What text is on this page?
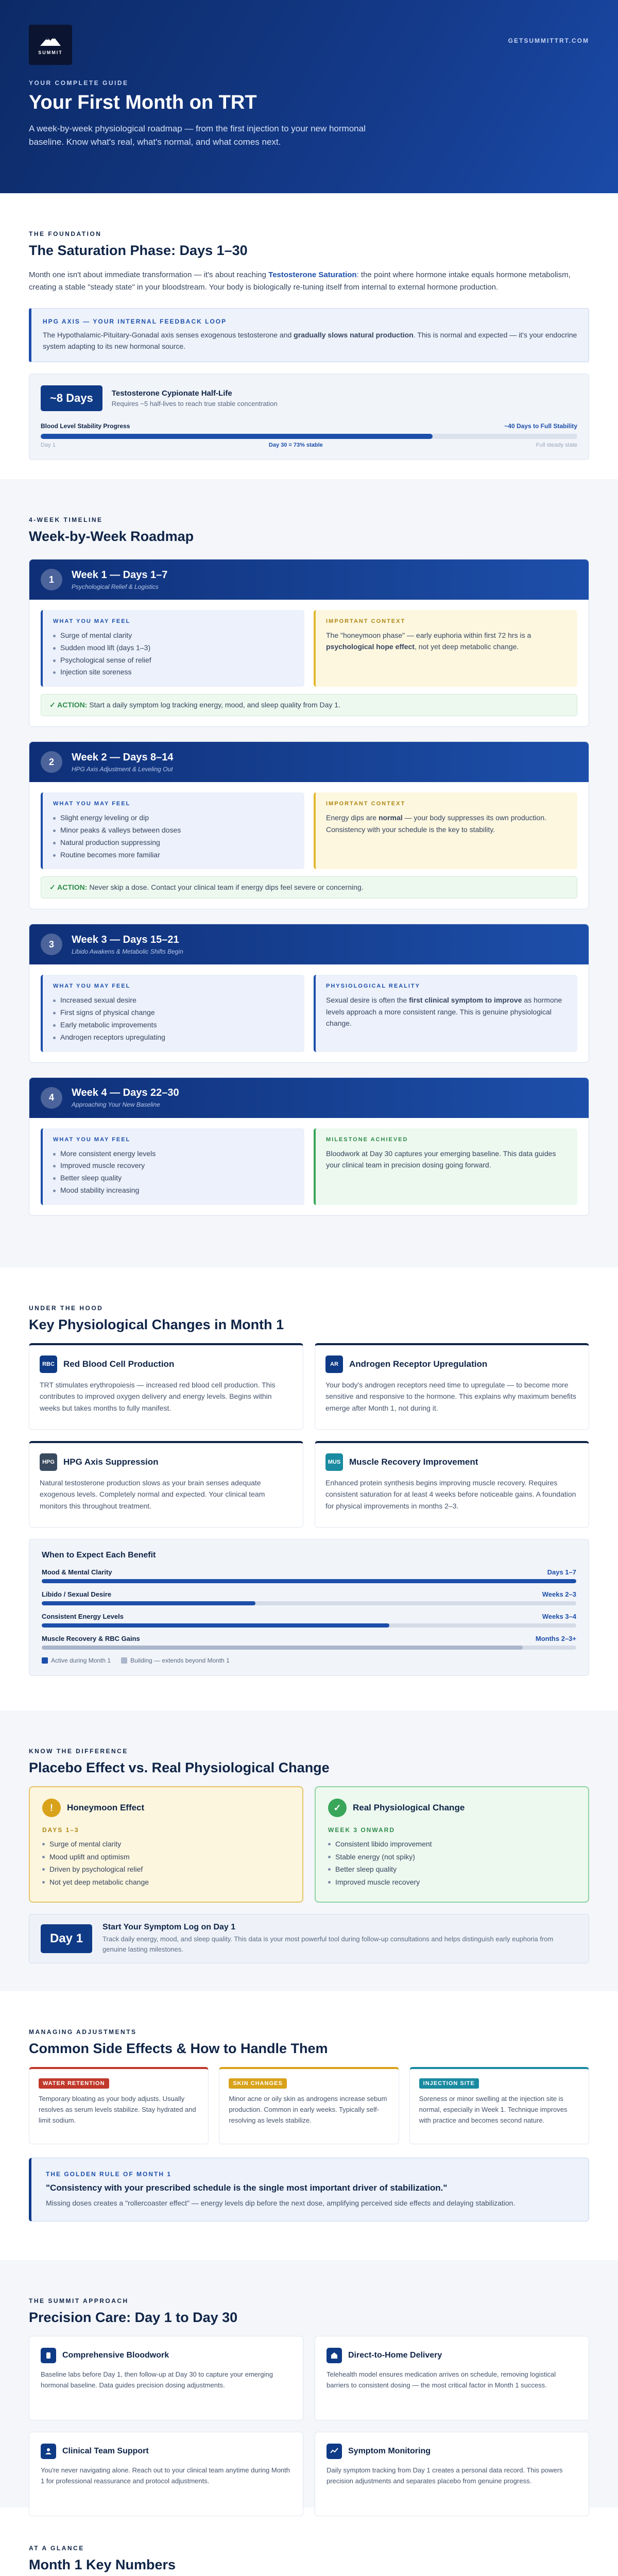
SUMMIT
GETSUMMITTRT.COM
YOUR COMPLETE GUIDE
Your First Month on TRT

A week-by-week physiological roadmap — from the first injection to your new hormonal baseline. Know what's real, what's normal, and what comes next.

THE FOUNDATION
The Saturation Phase: Days 1–30

Month one isn't about immediate transformation — it's about reaching Testosterone Saturation: the point where hormone intake equals hormone metabolism, creating a stable "steady state" in your bloodstream. Your body is biologically re-tuning itself from internal to external hormone production.

HPG AXIS — YOUR INTERNAL FEEDBACK LOOP

The Hypothalamic-Pituitary-Gonadal axis senses exogenous testosterone and gradually slows natural production. This is normal and expected — it's your endocrine system adapting to its new hormonal source.

~8 Days	Testosterone Cypionate Half-Life
Requires ~5 half-lives to reach true stable concentration
Blood Level Stability Progress	~40 Days to Full Stability
Day 1	Day 30 = 73% stable	Full steady state
4-WEEK TIMELINE
Week-by-Week Roadmap
1	Week 1 — Days 1–7
Psychological Relief & Logistics
WHAT YOU MAY FEEL
Surge of mental clarity
Sudden mood lift (days 1–3)
Psychological sense of relief
Injection site soreness
IMPORTANT CONTEXT

The "honeymoon phase" — early euphoria within first 72 hrs is a psychological hope effect, not yet deep metabolic change.

✓ ACTION: Start a daily symptom log tracking energy, mood, and sleep quality from Day 1.
2	Week 2 — Days 8–14
HPG Axis Adjustment & Leveling Out
WHAT YOU MAY FEEL
Slight energy leveling or dip
Minor peaks & valleys between doses
Natural production suppressing
Routine becomes more familiar
IMPORTANT CONTEXT

Energy dips are normal — your body suppresses its own production. Consistency with your schedule is the key to stability.

✓ ACTION: Never skip a dose. Contact your clinical team if energy dips feel severe or concerning.
3	Week 3 — Days 15–21
Libido Awakens & Metabolic Shifts Begin
WHAT YOU MAY FEEL
Increased sexual desire
First signs of physical change
Early metabolic improvements
Androgen receptors upregulating
PHYSIOLOGICAL REALITY

Sexual desire is often the first clinical symptom to improve as hormone levels approach a more consistent range. This is genuine physiological change.

4	Week 4 — Days 22–30
Approaching Your New Baseline
WHAT YOU MAY FEEL
More consistent energy levels
Improved muscle recovery
Better sleep quality
Mood stability increasing
MILESTONE ACHIEVED

Bloodwork at Day 30 captures your emerging baseline. This data guides your clinical team in precision dosing going forward.

UNDER THE HOOD
Key Physiological Changes in Month 1
RBC Red Blood Cell Production

TRT stimulates erythropoiesis — increased red blood cell production. This contributes to improved oxygen delivery and energy levels. Begins within weeks but takes months to fully manifest.

AR	Androgen Receptor Upregulation

Your body's androgen receptors need time to upregulate — to become more sensitive and responsive to the hormone. This explains why maximum benefits emerge after Month 1, not during it.

HPG HPG Axis Suppression

Natural testosterone production slows as your brain senses adequate exogenous levels. Completely normal and expected. Your clinical team monitors this throughout treatment.

MUS Muscle Recovery Improvement

Enhanced protein synthesis begins improving muscle recovery. Requires consistent saturation for at least 4 weeks before noticeable gains. A foundation for physical improvements in months 2–3.

When to Expect Each Benefit
Mood & Mental Clarity	Days 1–7
Libido / Sexual Desire	Weeks 2–3
Consistent Energy Levels	Weeks 3–4
Muscle Recovery & RBC Gains	Months 2–3+
Active during Month 1	Building — extends beyond Month 1
KNOW THE DIFFERENCE
Placebo Effect vs. Real Physiological Change
!	Honeymoon Effect
DAYS 1–3
Surge of mental clarity
Mood uplift and optimism
Driven by psychological relief
Not yet deep metabolic change
✓	Real Physiological Change
WEEK 3 ONWARD
Consistent libido improvement
Stable energy (not spiky)
Better sleep quality
Improved muscle recovery
Day 1
Start Your Symptom Log on Day 1
Track daily energy, mood, and sleep quality. This data is your most powerful tool during follow-up consultations and helps distinguish early euphoria from genuine lasting milestones.
MANAGING ADJUSTMENTS
Common Side Effects & How to Handle Them
WATER RETENTION

Temporary bloating as your body adjusts. Usually resolves as serum levels stabilize. Stay hydrated and limit sodium.

SKIN CHANGES

Minor acne or oily skin as androgens increase sebum production. Common in early weeks. Typically self-resolving as levels stabilize.

INJECTION SITE

Soreness or minor swelling at the injection site is normal, especially in Week 1. Technique improves with practice and becomes second nature.

THE GOLDEN RULE OF MONTH 1
"Consistency with your prescribed schedule is the single most important driver of stabilization."
Missing doses creates a "rollercoaster effect" — energy levels dip before the next dose, amplifying perceived side effects and delaying stabilization.
THE SUMMIT APPROACH
Precision Care: Day 1 to Day 30
Comprehensive Bloodwork

Baseline labs before Day 1, then follow-up at Day 30 to capture your emerging hormonal baseline. Data guides precision dosing adjustments.

Direct-to-Home Delivery

Telehealth model ensures medication arrives on schedule, removing logistical barriers to consistent dosing — the most critical factor in Month 1 success.

Clinical Team Support

You're never navigating alone. Reach out to your clinical team anytime during Month 1 for professional reassurance and protocol adjustments.

Symptom Monitoring

Daily symptom tracking from Day 1 creates a personal data record. This powers precision adjustments and separates placebo from genuine progress.

AT A GLANCE
Month 1 Key Numbers
